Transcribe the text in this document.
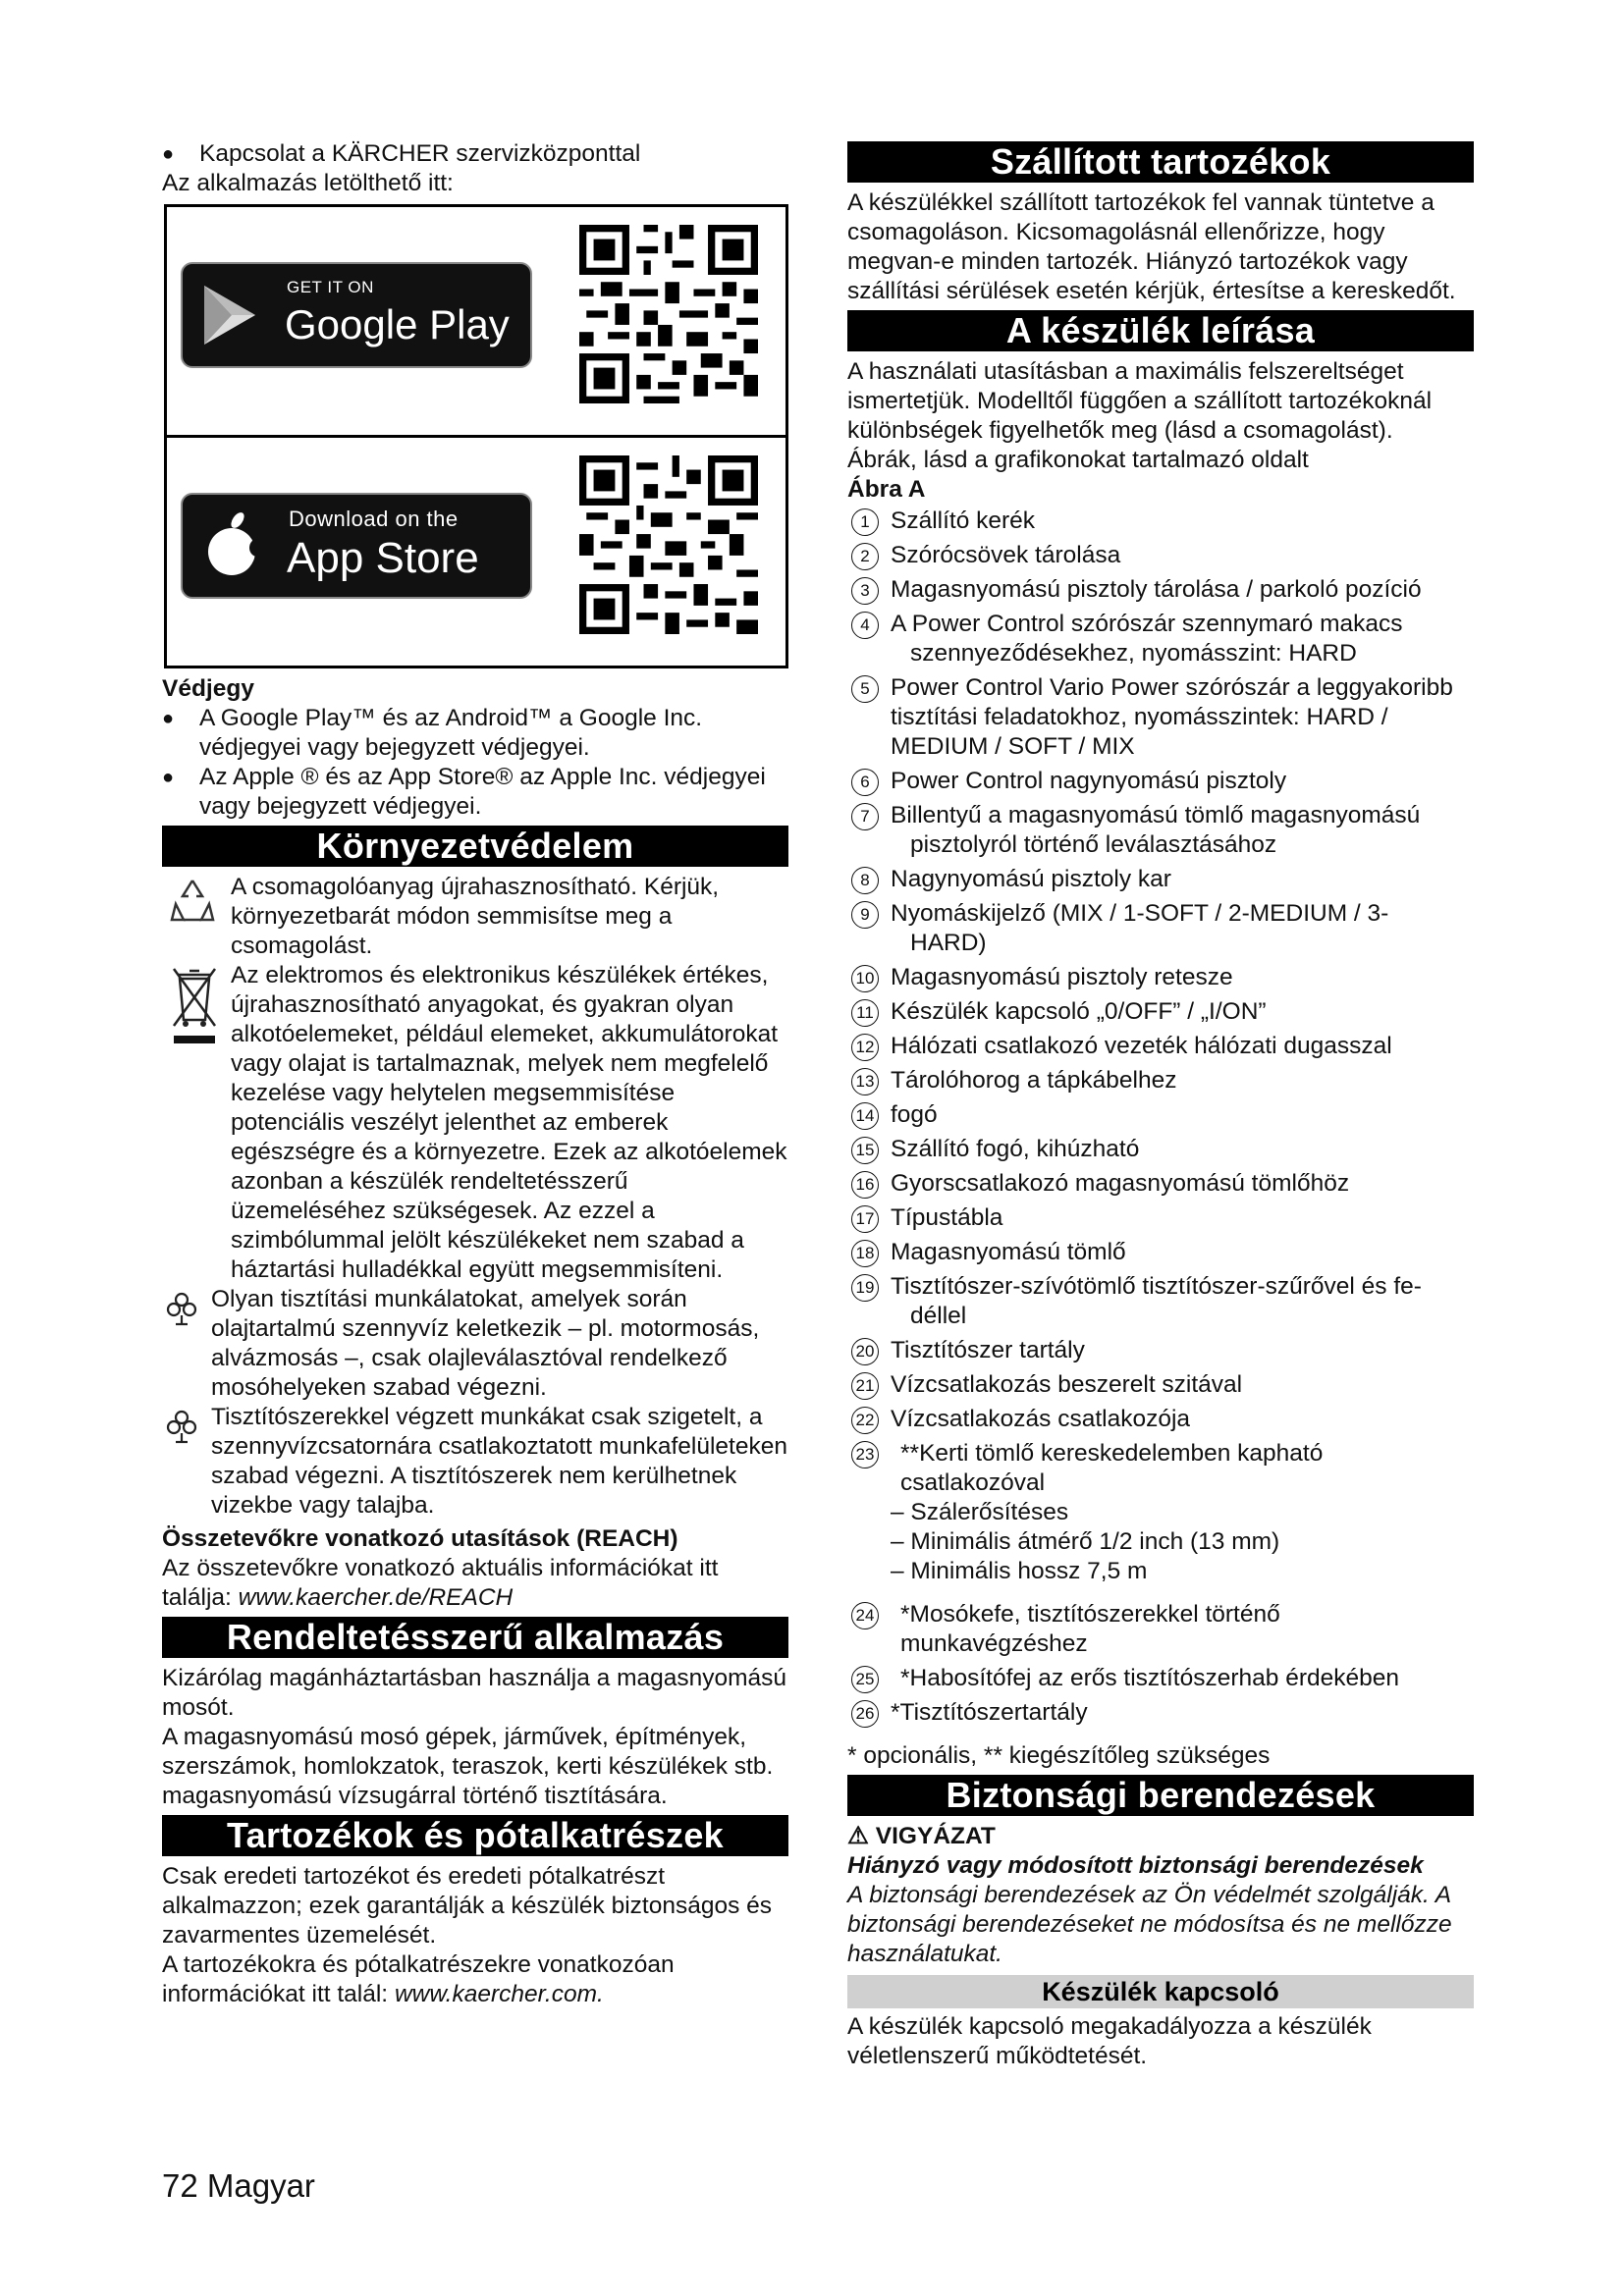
● Kapcsolat a KÄRCHER szervizközponttal

Az alkalmazás letölthető itt:

GET IT ON
Google Play
Download on the
App Store

Védjegy

● A Google Play™ és az Android™ a Google Inc. védjegyei vagy bejegyzett védjegyei.

● Az Apple ® és az App Store® az Apple Inc. védjegyei vagy bejegyzett védjegyei.

Környezetvédelem

A csomagolóanyag újrahasznosítható. Kérjük, környezetbarát módon semmisítse meg a csomagolást.

Az elektromos és elektronikus készülékek értékes, újrahasznosítható anyagokat, és gyakran olyan alkotóelemeket, például elemeket, akkumulátorokat vagy olajat is tartalmaznak, melyek nem megfelelő kezelése vagy helytelen megsemmisítése potenciális veszélyt jelenthet az emberek egészségre és a környezetre. Ezek az alkotóelemek azonban a készülék rendeltetésszerű üzemeléséhez szükségesek. Az ezzel a szimbólummal jelölt készülékeket nem szabad a háztartási hulladékkal együtt megsemmisíteni.

Olyan tisztítási munkálatokat, amelyek során olajtartalmú szennyvíz keletkezik – pl. motormosás, alvázmosás –, csak olajleválasztóval rendelkező mosóhelyeken szabad végezni.

Tisztítószerekkel végzett munkákat csak szigetelt, a szennyvízcsatornára csatlakoztatott munkafelületeken szabad végezni. A tisztítószerek nem kerülhetnek vizekbe vagy talajba.

Összetevőkre vonatkozó utasítások (REACH)

Az összetevőkre vonatkozó aktuális információkat itt találja: www.kaercher.de/REACH

Rendeltetésszerű alkalmazás

Kizárólag magánháztartásban használja a magasnyomású mosót.

A magasnyomású mosó gépek, járművek, építmények, szerszámok, homlokzatok, teraszok, kerti készülékek stb. magasnyomású vízsugárral történő tisztítására.

Tartozékok és pótalkatrészek

Csak eredeti tartozékot és eredeti pótalkatrészt alkalmazzon; ezek garantálják a készülék biztonságos és zavarmentes üzemelését.

A tartozékokra és pótalkatrészekre vonatkozóan információkat itt talál: www.kaercher.com.

Szállított tartozékok

A készülékkel szállított tartozékok fel vannak tüntetve a csomagoláson. Kicsomagolásnál ellenőrizze, hogy megvan-e minden tartozék. Hiányzó tartozékok vagy szállítási sérülések esetén kérjük, értesítse a kereskedőt.

A készülék leírása

A használati utasításban a maximális felszereltséget ismertetjük. Modelltől függően a szállított tartozékoknál különbségek figyelhetők meg (lásd a csomagolást).

Ábrák, lásd a grafikonokat tartalmazó oldalt

Ábra A

1 Szállító kerék
2 Szórócsövek tárolása
3 Magasnyomású pisztoly tárolása / parkoló pozíció
4 A Power Control szórószár szennymaró makacs
szennyeződésekhez, nyomásszint: HARD
5 Power Control Vario Power szórószár a leggyakoribb tisztítási feladatokhoz, nyomásszintek: HARD / MEDIUM / SOFT / MIX
6 Power Control nagynyomású pisztoly
7 Billentyű a magasnyomású tömlő magasnyomású
pisztolyról történő leválasztásához
8 Nagynyomású pisztoly kar
9 Nyomáskijelző (MIX / 1-SOFT / 2-MEDIUM / 3-
HARD)
10 Magasnyomású pisztoly retesze
11 Készülék kapcsoló „0/OFF” / „I/ON”
12 Hálózati csatlakozó vezeték hálózati dugasszal
13 Tárolóhorog a tápkábelhez
14 fogó
15 Szállító fogó, kihúzható
16 Gyorscsatlakozó magasnyomású tömlőhöz
17 Típustábla
18 Magasnyomású tömlő
19 Tisztítószer-szívótömlő tisztítószer-szűrővel és fe-
déllel
20 Tisztítószer tartály
21 Vízcsatlakozás beszerelt szitával
22 Vízcsatlakozás csatlakozója
23 **Kerti tömlő kereskedelemben kapható csatlakozóval

– Szálerősítéses

– Minimális átmérő 1/2 inch (13 mm)

– Minimális hossz 7,5 m

24 *Mosókefe, tisztítószerekkel történő munkavégzéshez
25 *Habosítófej az erős tisztítószerhab érdekében
26 *Tisztítószertartály

* opcionális, ** kiegészítőleg szükséges

Biztonsági berendezések

⚠ VIGYÁZAT

Hiányzó vagy módosított biztonsági berendezések

A biztonsági berendezések az Ön védelmét szolgálják. A biztonsági berendezéseket ne módosítsa és ne mellőzze használatukat.

Készülék kapcsoló

A készülék kapcsoló megakadályozza a készülék véletlenszerű működtetését.

72 Magyar
